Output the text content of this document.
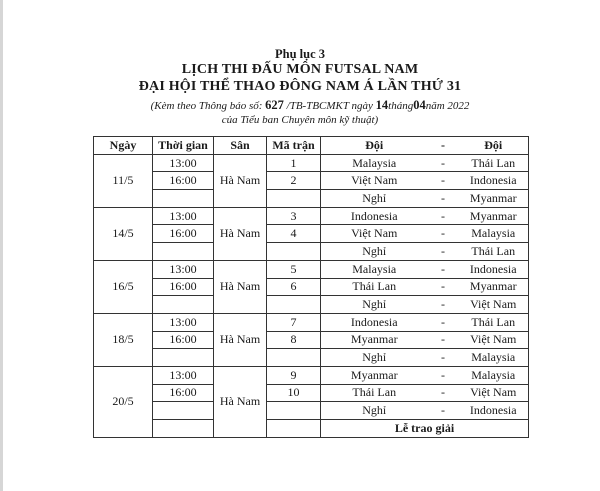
Phụ lục 3
LỊCH THI ĐẤU MÔN FUTSAL NAM
ĐẠI HỘI THỂ THAO ĐÔNG NAM Á LẦN THỨ 31
(Kèm theo Thông báo số: 627 /TB-TBCMKT ngày 14tháng04năm 2022
của Tiểu ban Chuyên môn kỹ thuật)
Ngày	Thời gian	Sân	Mã trận	Đội	-	Đội
11/5	13:00	Hà Nam	1	Malaysia	-	Thái Lan
	16:00		2	Việt Nam	-	Indonesia
				Nghỉ	-	Myanmar
14/5	13:00	Hà Nam	3	Indonesia	-	Myanmar
	16:00		4	Việt Nam	-	Malaysia
				Nghỉ	-	Thái Lan
16/5	13:00	Hà Nam	5	Malaysia	-	Indonesia
	16:00		6	Thái Lan	-	Myanmar
				Nghỉ	-	Việt Nam
18/5	13:00	Hà Nam	7	Indonesia	-	Thái Lan
	16:00		8	Myanmar	-	Việt Nam
				Nghỉ	-	Malaysia
20/5	13:00	Hà Nam	9	Myanmar	-	Malaysia
	16:00		10	Thái Lan	-	Việt Nam
				Nghỉ	-	Indonesia
				Lễ trao giải		
